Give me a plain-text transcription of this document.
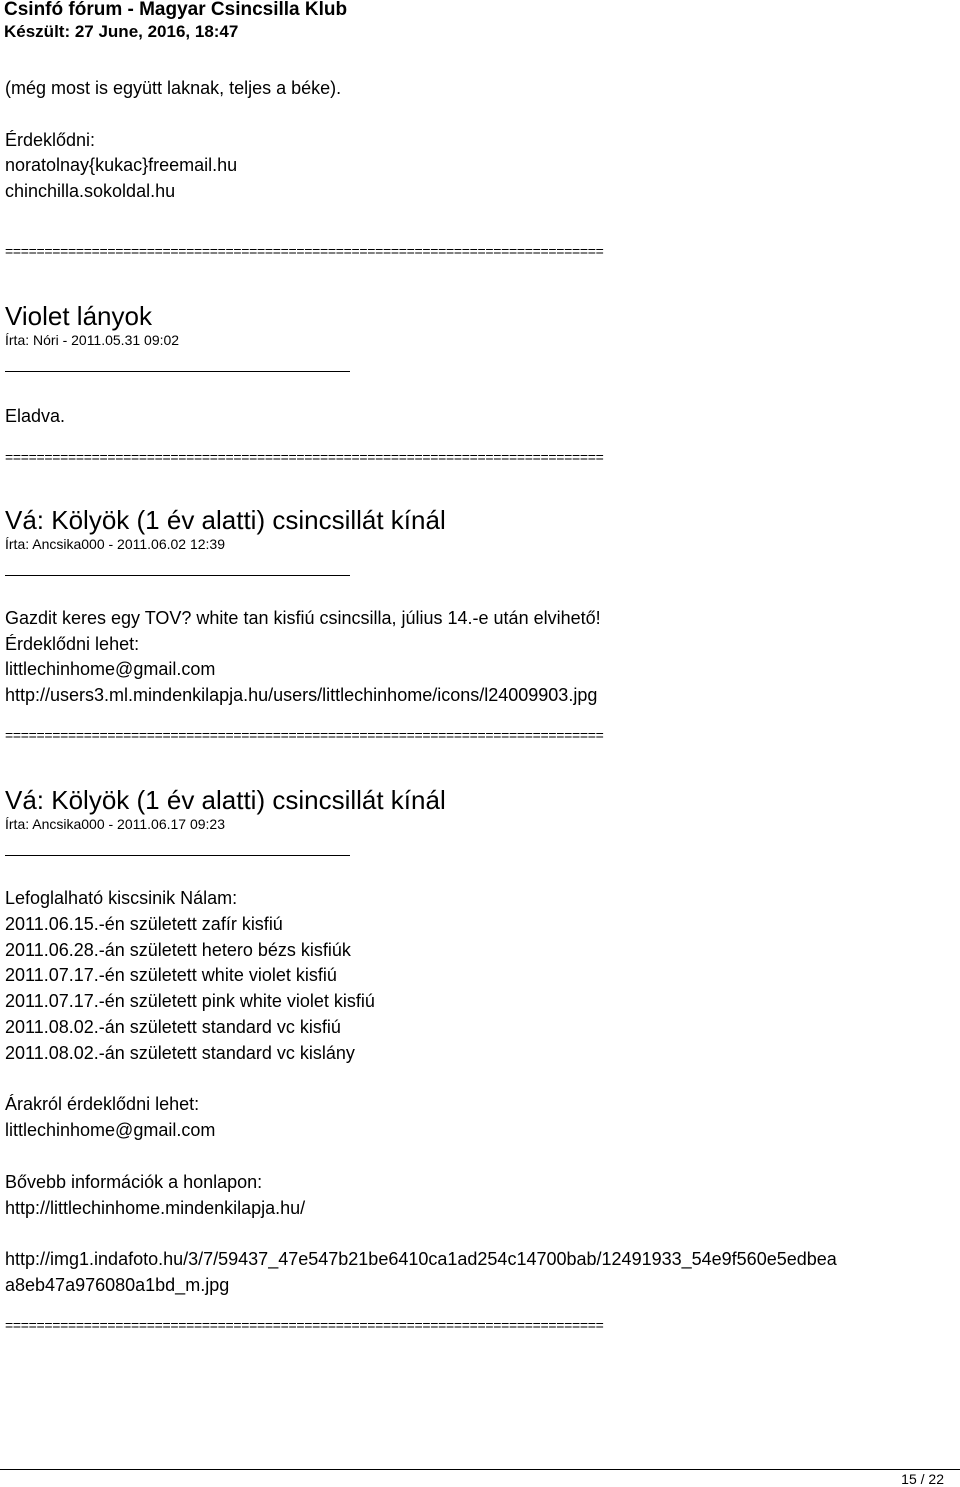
Csinfó fórum - Magyar Csincsilla Klub
Készült: 27 June, 2016, 18:47
(még most is együtt laknak, teljes a béke).
Érdeklődni:
noratolnay{kukac}freemail.hu
chinchilla.sokoldal.hu
============================================================================
Violet lányok
Írta: Nóri - 2011.05.31 09:02
Eladva.
============================================================================
Vá: Kölyök (1 év alatti) csincsillát kínál
Írta: Ancsika000 - 2011.06.02 12:39
Gazdit keres egy TOV? white tan kisfiú csincsilla, július 14.-e után elvihető!
Érdeklődni lehet:
littlechinhome@gmail.com
http://users3.ml.mindenkilapja.hu/users/littlechinhome/icons/l24009903.jpg
============================================================================
Vá: Kölyök (1 év alatti) csincsillát kínál
Írta: Ancsika000 - 2011.06.17 09:23
Lefoglalható kiscsinik Nálam:
2011.06.15.-én született zafír kisfiú
2011.06.28.-án született hetero bézs kisfiúk
2011.07.17.-én született white violet kisfiú
2011.07.17.-én született pink white violet kisfiú
2011.08.02.-án született standard vc kisfiú
2011.08.02.-án született standard vc kislány
Árakról érdeklődni lehet:
littlechinhome@gmail.com
Bővebb információk a honlapon:
http://littlechinhome.mindenkilapja.hu/
http://img1.indafoto.hu/3/7/59437_47e547b21be6410ca1ad254c14700bab/12491933_54e9f560e5edbea
a8eb47a976080a1bd_m.jpg
============================================================================
15 / 22
